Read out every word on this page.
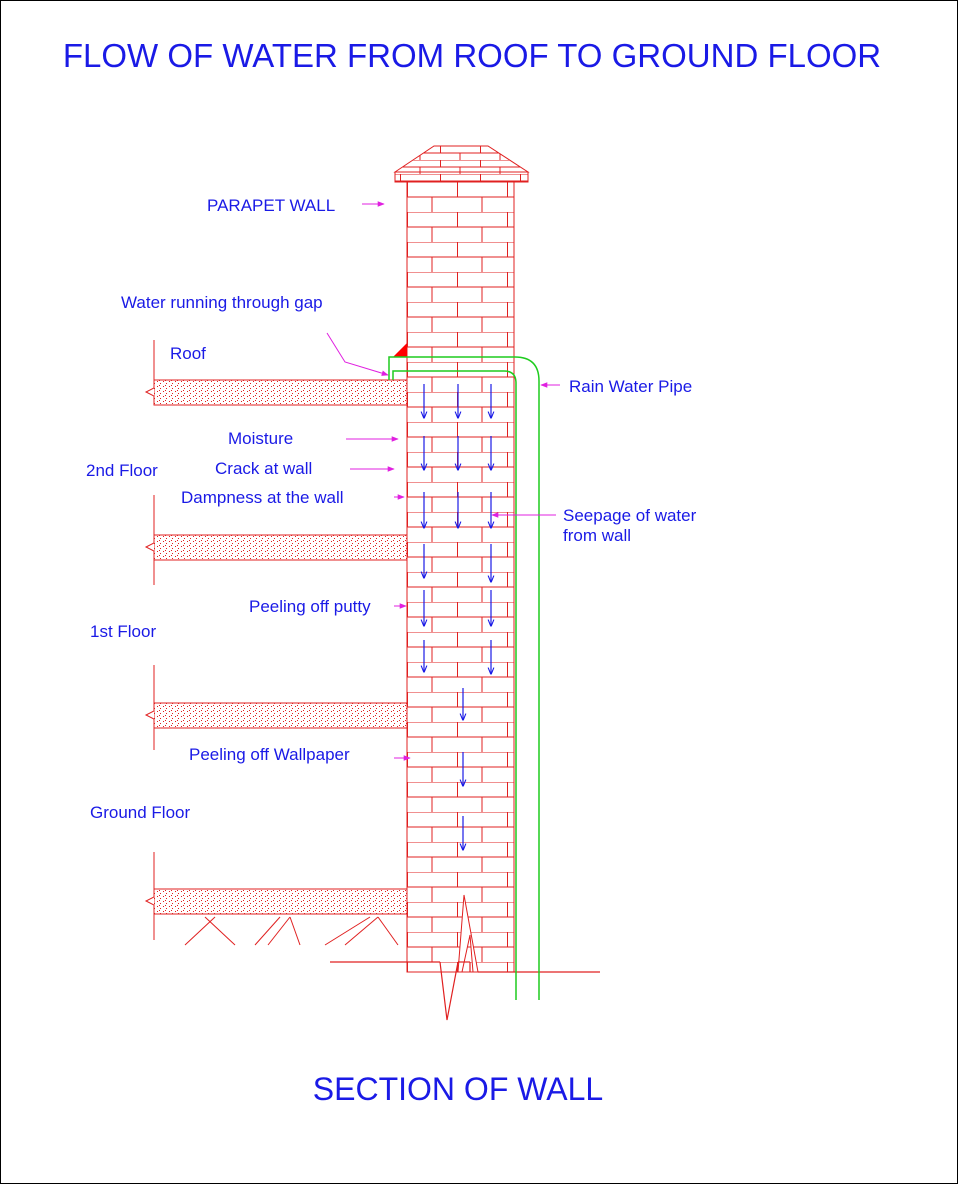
FLOW OF WATER FROM ROOF TO GROUND FLOOR
SECTION OF WALL
PARAPET WALL
Water running through gap
Roof
Rain Water Pipe
Moisture
2nd Floor	Crack at wall
Dampness at the wall
Seepage of water
from wall
Peeling off putty
1st Floor
Peeling off Wallpaper
Ground Floor
